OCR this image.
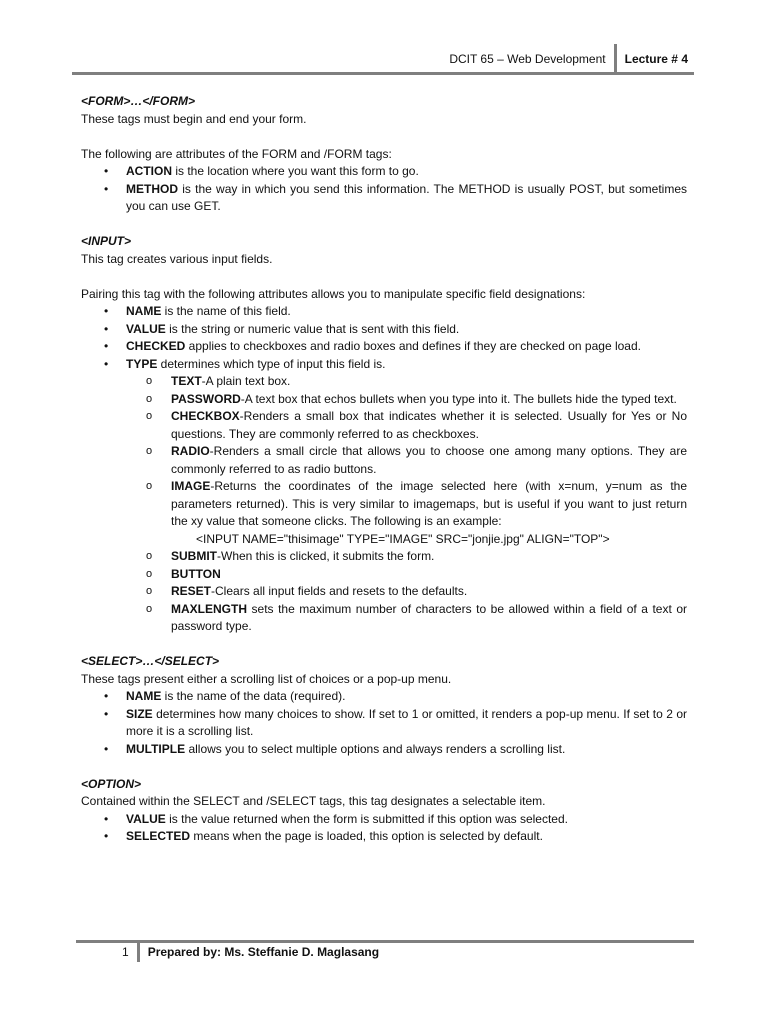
DCIT 65 – Web Development	Lecture # 4
<FORM>…</FORM>
These tags must begin and end your form.
The following are attributes of the FORM and /FORM tags:
• ACTION is the location where you want this form to go.
• METHOD is the way in which you send this information. The METHOD is usually POST, but sometimes you can use GET.
<INPUT>
This tag creates various input fields.
Pairing this tag with the following attributes allows you to manipulate specific field designations:
• NAME is the name of this field.
• VALUE is the string or numeric value that is sent with this field.
• CHECKED applies to checkboxes and radio boxes and defines if they are checked on page load.
• TYPE determines which type of input this field is.
o TEXT-A plain text box.
o PASSWORD-A text box that echos bullets when you type into it. The bullets hide the typed text.
o CHECKBOX-Renders a small box that indicates whether it is selected. Usually for Yes or No questions. They are commonly referred to as checkboxes.
o RADIO-Renders a small circle that allows you to choose one among many options. They are commonly referred to as radio buttons.
o IMAGE-Returns the coordinates of the image selected here (with x=num, y=num as the parameters returned). This is very similar to imagemaps, but is useful if you want to just return the xy value that someone clicks. The following is an example:
<INPUT NAME="thisimage" TYPE="IMAGE" SRC="jonjie.jpg" ALIGN="TOP">
o SUBMIT-When this is clicked, it submits the form.
o BUTTON
o RESET-Clears all input fields and resets to the defaults.
o MAXLENGTH sets the maximum number of characters to be allowed within a field of a text or password type.
<SELECT>…</SELECT>
These tags present either a scrolling list of choices or a pop-up menu.
• NAME is the name of the data (required).
• SIZE determines how many choices to show. If set to 1 or omitted, it renders a pop-up menu. If set to 2 or more it is a scrolling list.
• MULTIPLE allows you to select multiple options and always renders a scrolling list.
<OPTION>
Contained within the SELECT and /SELECT tags, this tag designates a selectable item.
• VALUE is the value returned when the form is submitted if this option was selected.
• SELECTED means when the page is loaded, this option is selected by default.
1	Prepared by: Ms. Steffanie D. Maglasang
